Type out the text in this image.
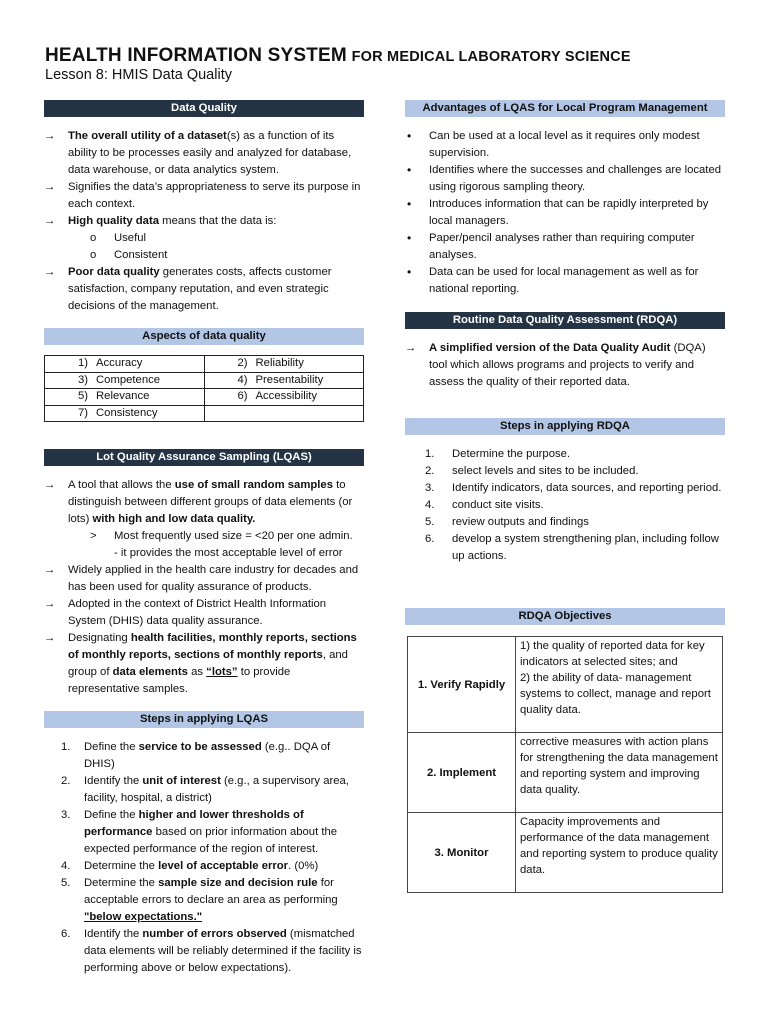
HEALTH INFORMATION SYSTEM FOR MEDICAL LABORATORY SCIENCE
Lesson 8: HMIS Data Quality
Data Quality
→ The overall utility of a dataset(s) as a function of its ability to be processes easily and analyzed for database, data warehouse, or data analytics system.
→ Signifies the data’s appropriateness to serve its purpose in each context.
→ High quality data means that the data is:
o Useful
o Consistent
→ Poor data quality generates costs, affects customer satisfaction, company reputation, and even strategic decisions of the management.
Aspects of data quality
1) Accuracy	2) Reliability
3) Competence	4) Presentability
5) Relevance	6) Accessibility
7) Consistency	
Lot Quality Assurance Sampling (LQAS)
→ A tool that allows the use of small random samples to distinguish between different groups of data elements (or lots) with high and low data quality.
> Most frequently used size = <20 per one admin.
- it provides the most acceptable level of error
→ Widely applied in the health care industry for decades and has been used for quality assurance of products.
→ Adopted in the context of District Health Information System (DHIS) data quality assurance.
→ Designating health facilities, monthly reports, sections of monthly reports, sections of monthly reports, and group of data elements as “lots” to provide representative samples.
Steps in applying LQAS
1. Define the service to be assessed (e.g.. DQA of DHIS)
2. Identify the unit of interest (e.g., a supervisory area, facility, hospital, a district)
3. Define the higher and lower thresholds of performance based on prior information about the expected performance of the region of interest.
4. Determine the level of acceptable error. (0%)
5. Determine the sample size and decision rule for acceptable errors to declare an area as performing "below expectations."
6. Identify the number of errors observed (mismatched data elements will be reliably determined if the facility is performing above or below expectations).
Advantages of LQAS for Local Program Management
• Can be used at a local level as it requires only modest supervision.
• Identifies where the successes and challenges are located using rigorous sampling theory.
• Introduces information that can be rapidly interpreted by local managers.
• Paper/pencil analyses rather than requiring computer analyses.
• Data can be used for local management as well as for national reporting.
Routine Data Quality Assessment (RDQA)
→ A simplified version of the Data Quality Audit (DQA) tool which allows programs and projects to verify and assess the quality of their reported data.
Steps in applying RDQA
1. Determine the purpose.
2. select levels and sites to be included.
3. Identify indicators, data sources, and reporting period.
4. conduct site visits.
5. review outputs and findings
6. develop a system strengthening plan, including follow up actions.
RDQA Objectives
1. Verify Rapidly	1) the quality of reported data for key indicators at selected sites; and
2) the ability of data- management systems to collect, manage and report quality data.

2. Implement	corrective measures with action plans for strengthening the data management and reporting system and improving data quality.

3. Monitor	Capacity improvements and performance of the data management and reporting system to produce quality data.
